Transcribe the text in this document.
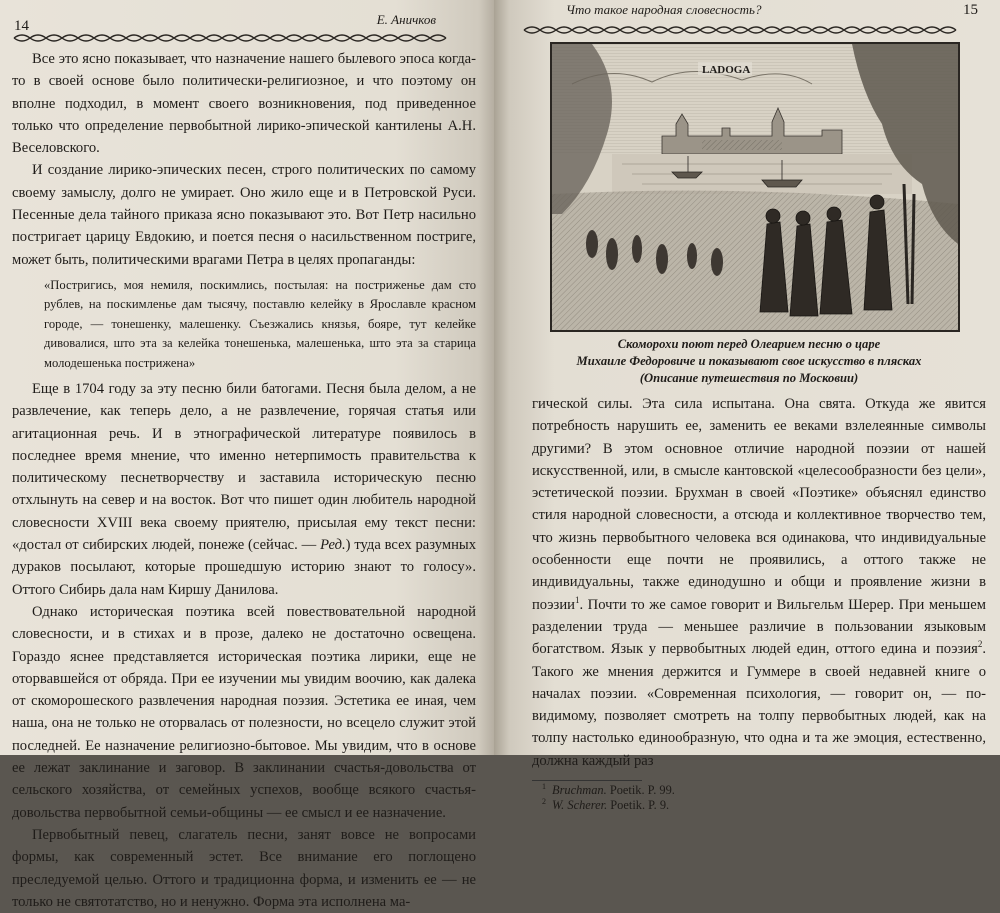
14	Е. Аничков

Все это ясно показывает, что назначение нашего былевого эпоса когда-то в своей основе было политически-религиозное, и что поэтому он вполне подходил, в момент своего возникновения, под приведенное только что определение первобытной лирико-эпической кантилены А.Н. Веселовского.

И создание лирико-эпических песен, строго политических по самому своему замыслу, долго не умирает. Оно жило еще и в Петровской Руси. Песенные дела тайного приказа ясно показывают это. Вот Петр насильно постригает царицу Евдокию, и поется песня о насильственном постриге, может быть, политическими врагами Петра в целях пропаганды:

«Постригись, моя немиля, поскимлись, постылая: на постриженье дам сто рублев, на поскимленье дам тысячу, поставлю келейку в Ярославле красном городе, — тонешенку, малешенку. Съезжались князья, бояре, тут келейке дивовалися, што эта за келейка тонешенька, малешенька, што эта за старица молодешенька пострижена»

Еще в 1704 году за эту песню били батогами. Песня была делом, а не развлечение, как теперь дело, а не развлечение, горячая статья или агитационная речь. И в этнографической литературе появилось в последнее время мнение, что именно нетерпимость правительства к политическому песнетворчеству и заставила историческую песню отхлынуть на север и на восток. Вот что пишет один любитель народной словесности XVIII века своему приятелю, присылая ему текст песни: «достал от сибирских людей, понеже (сейчас. — Ред.) туда всех разумных дураков посылают, которые прошедшую историю знают то голосу». Оттого Сибирь дала нам Киршу Данилова.

Однако историческая поэтика всей повествовательной народной словесности, и в стихах и в прозе, далеко не достаточно освещена. Гораздо яснее представляется историческая поэтика лирики, еще не оторвавшейся от обряда. При ее изучении мы увидим воочию, как далека от скоморошеского развлечения народная поэзия. Эстетика ее иная, чем наша, она не только не оторвалась от полезности, но всецело служит этой последней. Ее назначение религиозно-бытовое. Мы увидим, что в основе ее лежат заклинание и заговор. В заклинании счастья-довольства от сельского хозяйства, от семейных успехов, вообще всякого счастья-довольства первобытной семьи-общины — ее смысл и ее назначение.

Первобытный певец, слагатель песни, занят вовсе не вопросами формы, как современный эстет. Все внимание его поглощено преследуемой целью. Оттого и традиционна форма, и изменить ее — не только не святотатство, но и ненужно. Форма эта исполнена ма-

Что такое народная словесность?	15
LADOGA
Скоморохи поют перед Олеарием песню о царе
Михаиле Федоровиче и показывают свое искусство в плясках
(Описание путешествия по Московии)

гической силы. Эта сила испытана. Она свята. Откуда же явится потребность нарушить ее, заменить ее веками взлелеянные символы другими? В этом основное отличие народной поэзии от нашей искусственной, или, в смысле кантовской «целесообразности без цели», эстетической поэзии. Брухман в своей «Поэтике» объяснял единство стиля народной словесности, а отсюда и коллективное творчество тем, что жизнь первобытного человека вся одинакова, что индивидуальные особенности еще почти не проявились, а оттого также не индивидуальны, также единодушно и общи и проявление жизни в поэзии$^1$. Почти то же самое говорит и Вильгельм Шерер. При меньшем разделении труда — меньшее различие в пользовании языковым богатством. Язык у первобытных людей един, оттого едина и поэзия$^2$. Такого же мнения держится и Гуммере в своей недавней книге о началах поэзии. «Современная психология, — говорит он, — по-видимому, позволяет смотреть на толпу первобытных людей, как на толпу настолько единообразную, что одна и та же эмоция, естественно, должна каждый раз

$^1$ Bruchman. Poetik. P. 99.
$^2$ W. Scherer. Poetik. P. 9.
